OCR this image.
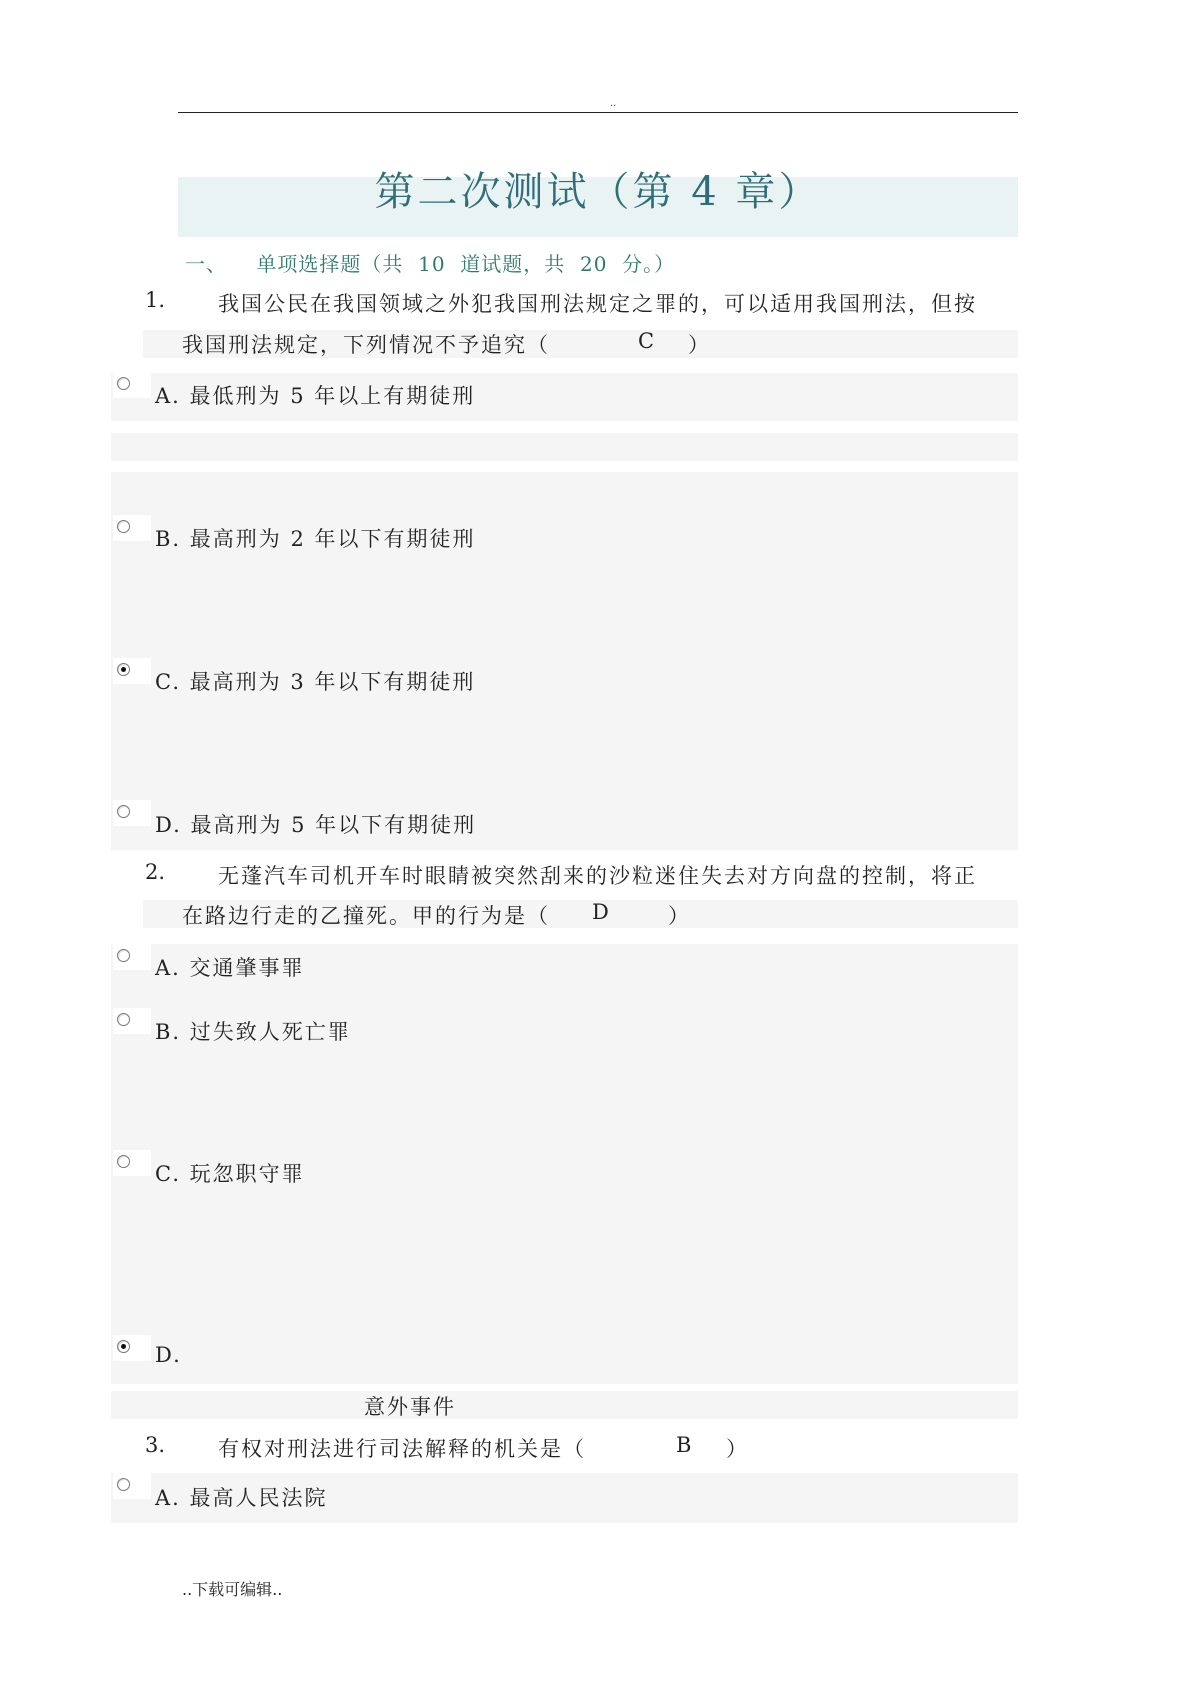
..
第二次测试（第 4 章）
一、    单项选择题（共  10  道试题，共  20  分。）
1.	我国公民在我国领域之外犯我国刑法规定之罪的，可以适用我国刑法，但按
我国刑法规定，下列情况不予追究（	C ）
A. 最低刑为 5 年以上有期徒刑
B. 最高刑为 2 年以下有期徒刑
C. 最高刑为 3 年以下有期徒刑
D. 最高刑为 5 年以下有期徒刑
2.	无蓬汽车司机开车时眼睛被突然刮来的沙粒迷住失去对方向盘的控制，将正
在路边行走的乙撞死。甲的行为是（ D	）
A. 交通肇事罪
B. 过失致人死亡罪
C. 玩忽职守罪
D.
意外事件
3.	有权对刑法进行司法解释的机关是（	B ）
A. 最高人民法院
..下载可编辑..
